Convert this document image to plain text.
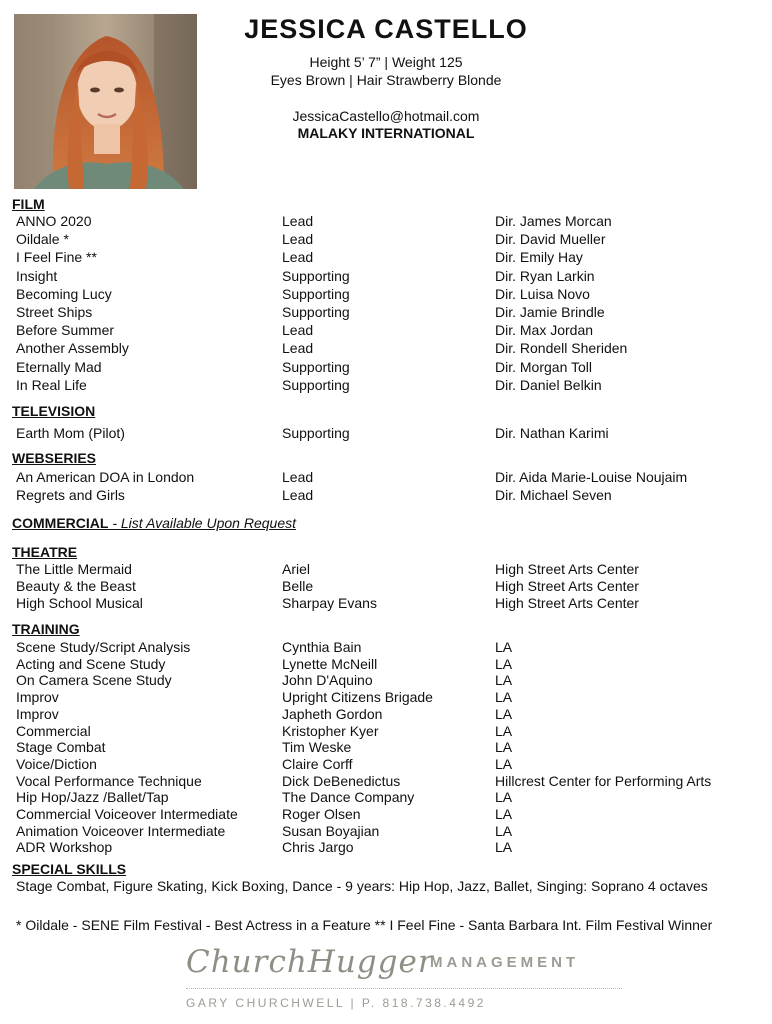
JESSICA CASTELLO
Height 5’ 7” | Weight 125
Eyes Brown | Hair Strawberry Blonde
JessicaCastello@hotmail.com
MALAKY INTERNATIONAL
FILM
ANNO 2020	Lead	Dir. James Morcan
Oildale *	Lead	Dir. David Mueller
I Feel Fine **	Lead	Dir. Emily Hay
Insight	Supporting	Dir. Ryan Larkin
Becoming Lucy	Supporting	Dir. Luisa Novo
Street Ships	Supporting	Dir. Jamie Brindle
Before Summer	Lead	Dir. Max Jordan
Another Assembly	Lead	Dir. Rondell Sheriden
Eternally Mad	Supporting	Dir. Morgan Toll
In Real Life	Supporting	Dir. Daniel Belkin
TELEVISION
Earth Mom (Pilot)	Supporting	Dir. Nathan Karimi
WEBSERIES
An American DOA in London	Lead	Dir. Aida Marie-Louise Noujaim
Regrets and Girls	Lead	Dir. Michael Seven
COMMERCIAL - List Available Upon Request
THEATRE
The Little Mermaid	Ariel	High Street Arts Center
Beauty & the Beast	Belle	High Street Arts Center
High School Musical	Sharpay Evans	High Street Arts Center
TRAINING
Scene Study/Script Analysis	Cynthia Bain	LA
Acting and Scene Study	Lynette McNeill	LA
On Camera Scene Study	John D'Aquino	LA
Improv	Upright Citizens Brigade	LA
Improv	Japheth Gordon	LA
Commercial	Kristopher Kyer	LA
Stage Combat	Tim Weske	LA
Voice/Diction	Claire Corff	LA
Vocal Performance Technique	Dick DeBenedictus	Hillcrest Center for Performing Arts
Hip Hop/Jazz /Ballet/Tap	The Dance Company	LA
Commercial Voiceover Intermediate	Roger Olsen	LA
Animation Voiceover Intermediate	Susan Boyajian	LA
ADR Workshop	Chris Jargo	LA
SPECIAL SKILLS
Stage Combat, Figure Skating, Kick Boxing, Dance - 9 years: Hip Hop, Jazz, Ballet, Singing: Soprano 4 octaves
* Oildale - SENE Film Festival - Best Actress in a Feature ** I Feel Fine - Santa Barbara Int. Film Festival Winner
ChurchHugger
MANAGEMENT
GARY CHURCHWELL | P. 818.738.4492
